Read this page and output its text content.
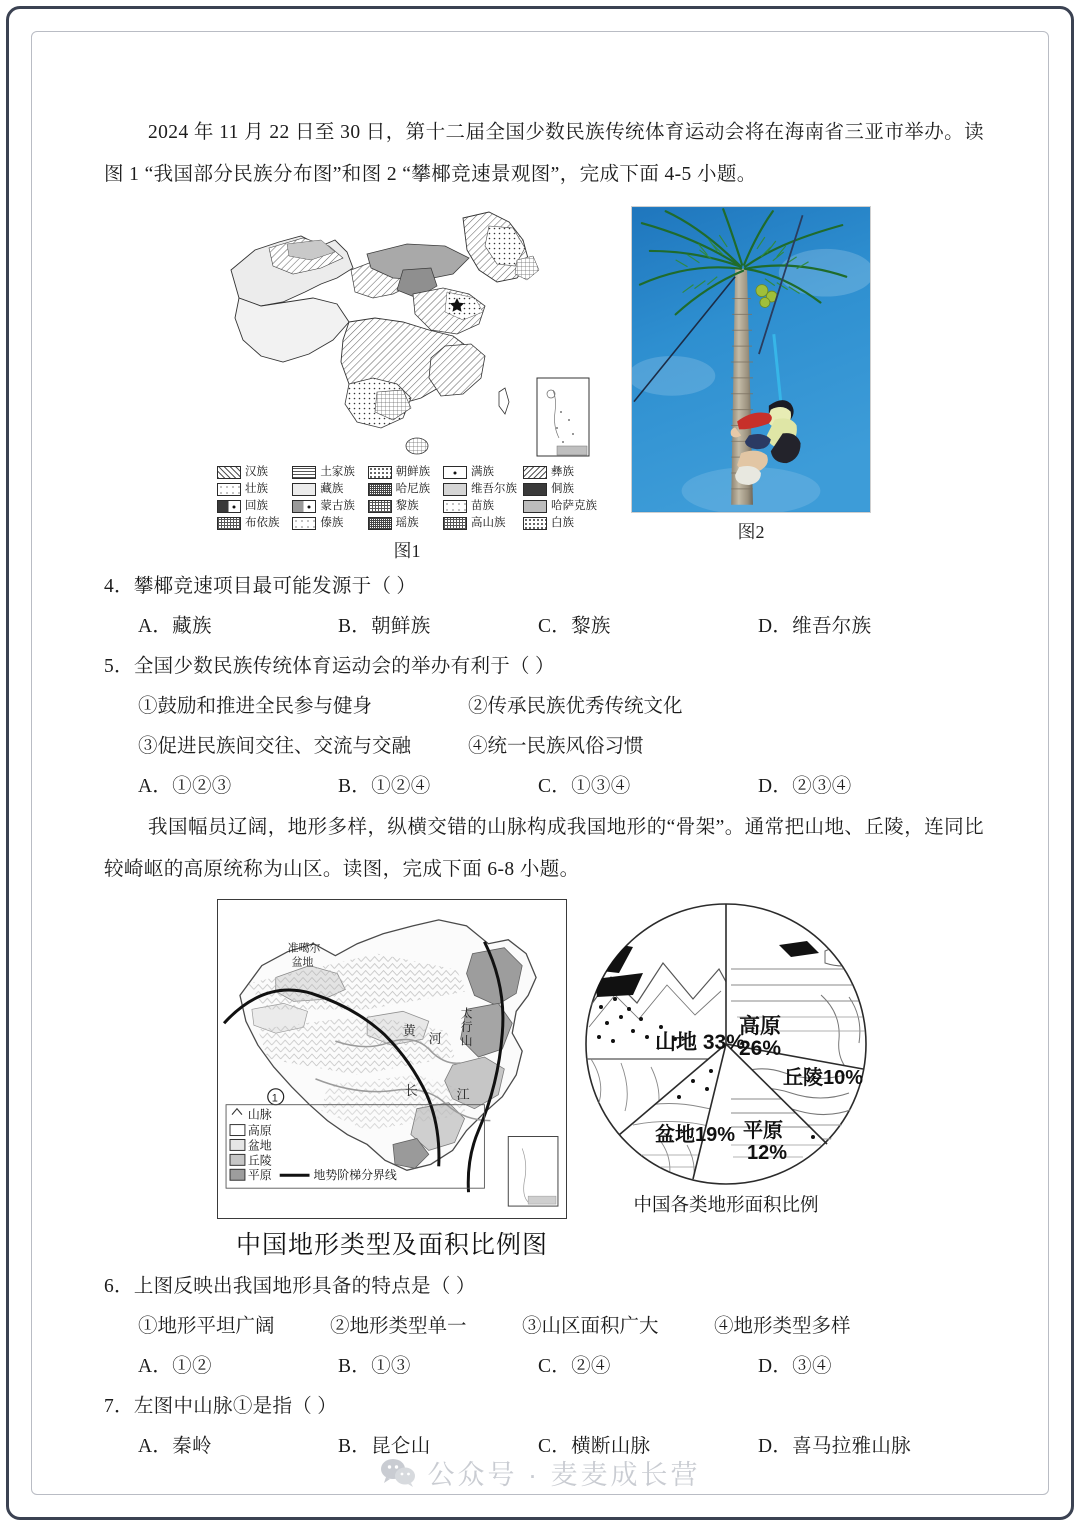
2024 年 11 月 22 日至 30 日，第十二届全国少数民族传统体育运动会将在海南省三亚市举办。读图 1 “我国部分民族分布图”和图 2 “攀椰竞速景观图”，完成下面 4-5 小题。
汉族	土家族	朝鲜族	满族	彝族
壮族	藏族	哈尼族	维吾尔族	侗族
回族	蒙古族	黎族	苗族	哈萨克族
布依族	傣族	瑶族	高山族	白族
图1
图2
4．攀椰竞速项目最可能发源于（ ）
A．藏族	B．朝鲜族	C．黎族	D．维吾尔族
5．全国少数民族传统体育运动会的举办有利于（ ）
①鼓励和推进全民参与健身	②传承民族优秀传统文化
③促进民族间交往、交流与交融	④统一民族风俗习惯
A．①②③	B．①②④	C．①③④	D．②③④
我国幅员辽阔，地形多样，纵横交错的山脉构成我国地形的“骨架”。通常把山地、丘陵，连同比较崎岖的高原统称为山区。读图，完成下面 6-8 小题。
准噶尔
盆地
黄
河
太
行
山
长	江
1
山脉
高原
盆地
丘陵
平原	地势阶梯分界线
中国地形类型及面积比例图
山地 33%
高原
26%
丘陵10%
平原
12%
盆地19%
中国各类地形面积比例
6．上图反映出我国地形具备的特点是（ ）
①地形平坦广阔	②地形类型单一	③山区面积广大	④地形类型多样
A．①②	B．①③	C．②④	D．③④
7．左图中山脉①是指（ ）
A．秦岭	B．昆仑山	C．横断山脉	D．喜马拉雅山脉
公众号 · 麦麦成长营
